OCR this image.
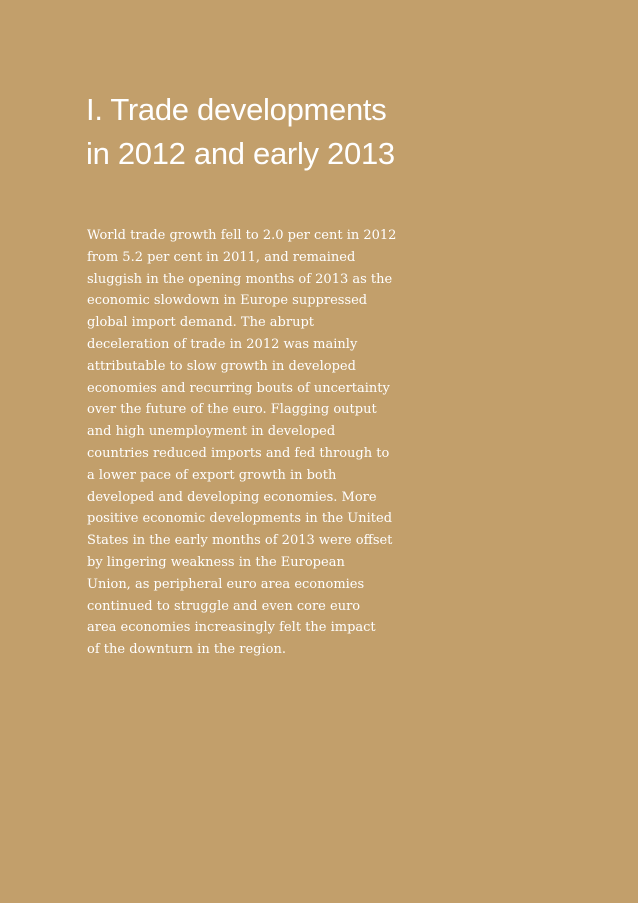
I. Trade developments
in 2012 and early 2013

World trade growth fell to 2.0 per cent in 2012
from 5.2 per cent in 2011, and remained
sluggish in the opening months of 2013 as the
economic slowdown in Europe suppressed
global import demand. The abrupt
deceleration of trade in 2012 was mainly
attributable to slow growth in developed
economies and recurring bouts of uncertainty
over the future of the euro. Flagging output
and high unemployment in developed
countries reduced imports and fed through to
a lower pace of export growth in both
developed and developing economies. More
positive economic developments in the United
States in the early months of 2013 were offset
by lingering weakness in the European
Union, as peripheral euro area economies
continued to struggle and even core euro
area economies increasingly felt the impact
of the downturn in the region.
